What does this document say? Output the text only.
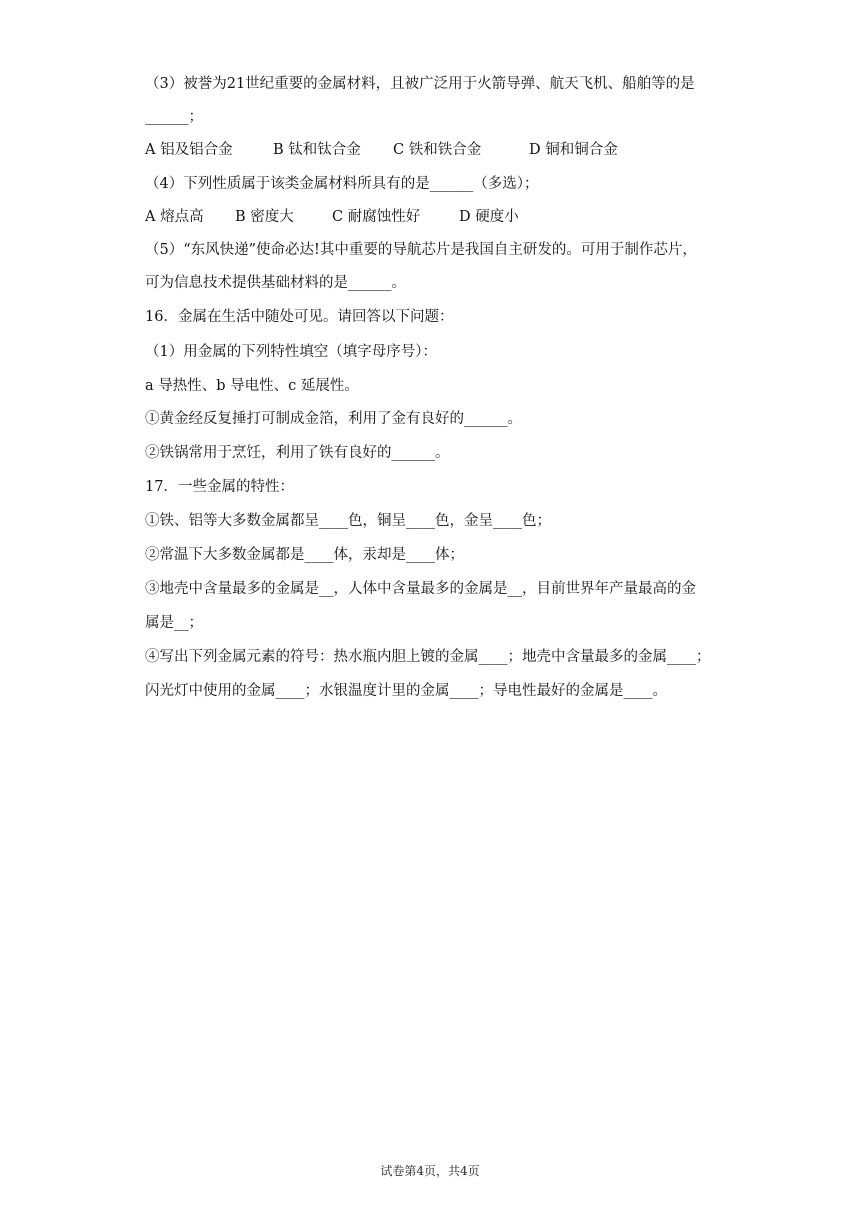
（3）被誉为21世纪重要的金属材料，且被广泛用于火箭导弹、航天飞机、船舶等的是
______；
A 铝及铝合金	B 钛和钛合金	C 铁和铁合金	D 铜和铜合金
（4）下列性质属于该类金属材料所具有的是______（多选）；
A 熔点高	B 密度大	C 耐腐蚀性好	D 硬度小
（5）“东风快递”使命必达!其中重要的导航芯片是我国自主研发的。可用于制作芯片，
可为信息技术提供基础材料的是______。
16．金属在生活中随处可见。请回答以下问题：
（1）用金属的下列特性填空（填字母序号）：
a 导热性、b 导电性、c 延展性。
①黄金经反复捶打可制成金箔，利用了金有良好的______。
②铁锅常用于烹饪，利用了铁有良好的______。
17．一些金属的特性：
①铁、铝等大多数金属都呈____色，铜呈____色，金呈____色；
②常温下大多数金属都是____体，汞却是____体；
③地壳中含量最多的金属是__，人体中含量最多的金属是__，目前世界年产量最高的金
属是__；
④写出下列金属元素的符号：热水瓶内胆上镀的金属____；地壳中含量最多的金属____；
闪光灯中使用的金属____；水银温度计里的金属____；导电性最好的金属是____。
试卷第4页，共4页
